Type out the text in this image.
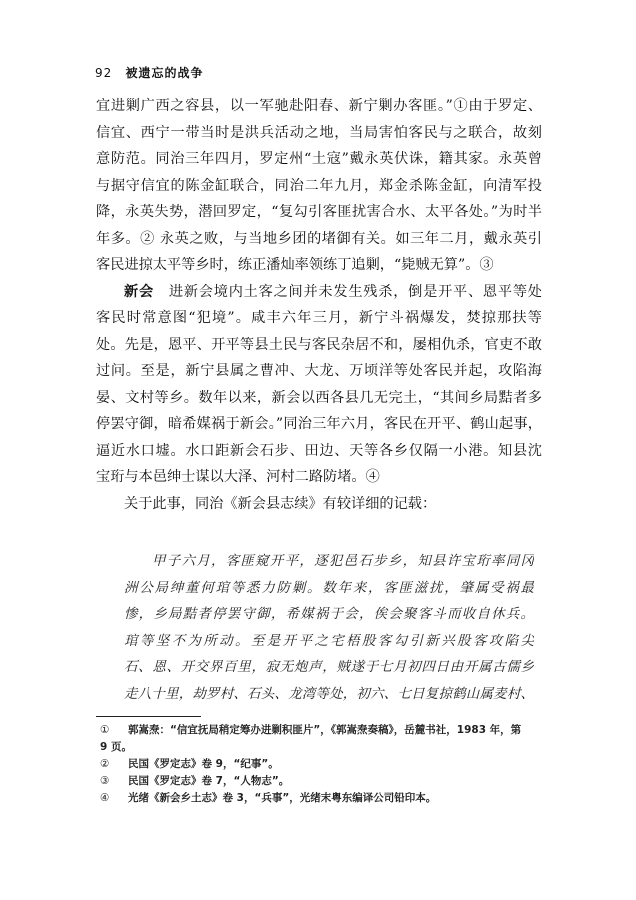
92 被遗忘的战争
宜进剿广西之容县，以一军驰赴阳春、新宁剿办客匪。”①由于罗定、
信宜、西宁一带当时是洪兵活动之地，当局害怕客民与之联合，故刻
意防范。同治三年四月，罗定州“土寇”戴永英伏诛，籍其家。永英曾
与据守信宜的陈金缸联合，同治二年九月，郑金杀陈金缸，向清军投
降，永英失势，潜回罗定，“复勾引客匪扰害合水、太平各处。”为时半
年多。② 永英之败，与当地乡团的堵御有关。如三年二月，戴永英引
客民进掠太平等乡时，练正潘灿率领练丁追剿，“毙贼无算”。③
新会　 进新会境内土客之间并未发生残杀，倒是开平、恩平等处
客民时常意图“犯境”。咸丰六年三月，新宁斗祸爆发，焚掠那扶等
处。先是，恩平、开平等县土民与客民杂居不和，屡相仇杀，官吏不敢
过问。至是，新宁县属之曹冲、大龙、万顷洋等处客民并起，攻陷海
晏、文村等乡。数年以来，新会以西各县几无完土，“其间乡局黠者多
停罢守御，暗希媒祸于新会。”同治三年六月，客民在开平、鹤山起事，
逼近水口墟。水口距新会石步、田边、天等各乡仅隔一小港。知县沈
宝珩与本邑绅士谋以大泽、河村二路防堵。④
关于此事，同治《新会县志续》有较详细的记载：
甲子六月，客匪窥开平，逐犯邑石步乡，知县许宝珩率同冈
洲公局绅董何琯等悉力防剿。数年来，客匪滋扰，肇属受祸最
惨，乡局黠者停罢守御，希媒祸于会，俟会聚客斗而收自休兵。
琯等坚不为所动。至是开平之宅梧股客勾引新兴股客攻陷尖
石、恩、开交界百里，寂无炮声，贼遂于七月初四日由开属古儒乡
走八十里，劫罗村、石头、龙湾等处，初六、七日复掠鹤山属麦村、
①	郭嵩焘：“信宜抚局稍定筹办进剿积匪片”，《郭嵩焘奏稿》，岳麓书社，1983 年，第
9 页。
②	民国《罗定志》卷 9，“纪事”。
③	民国《罗定志》卷 7，“人物志”。
④	光绪《新会乡土志》卷 3，“兵事”，光绪末粤东编译公司铅印本。
